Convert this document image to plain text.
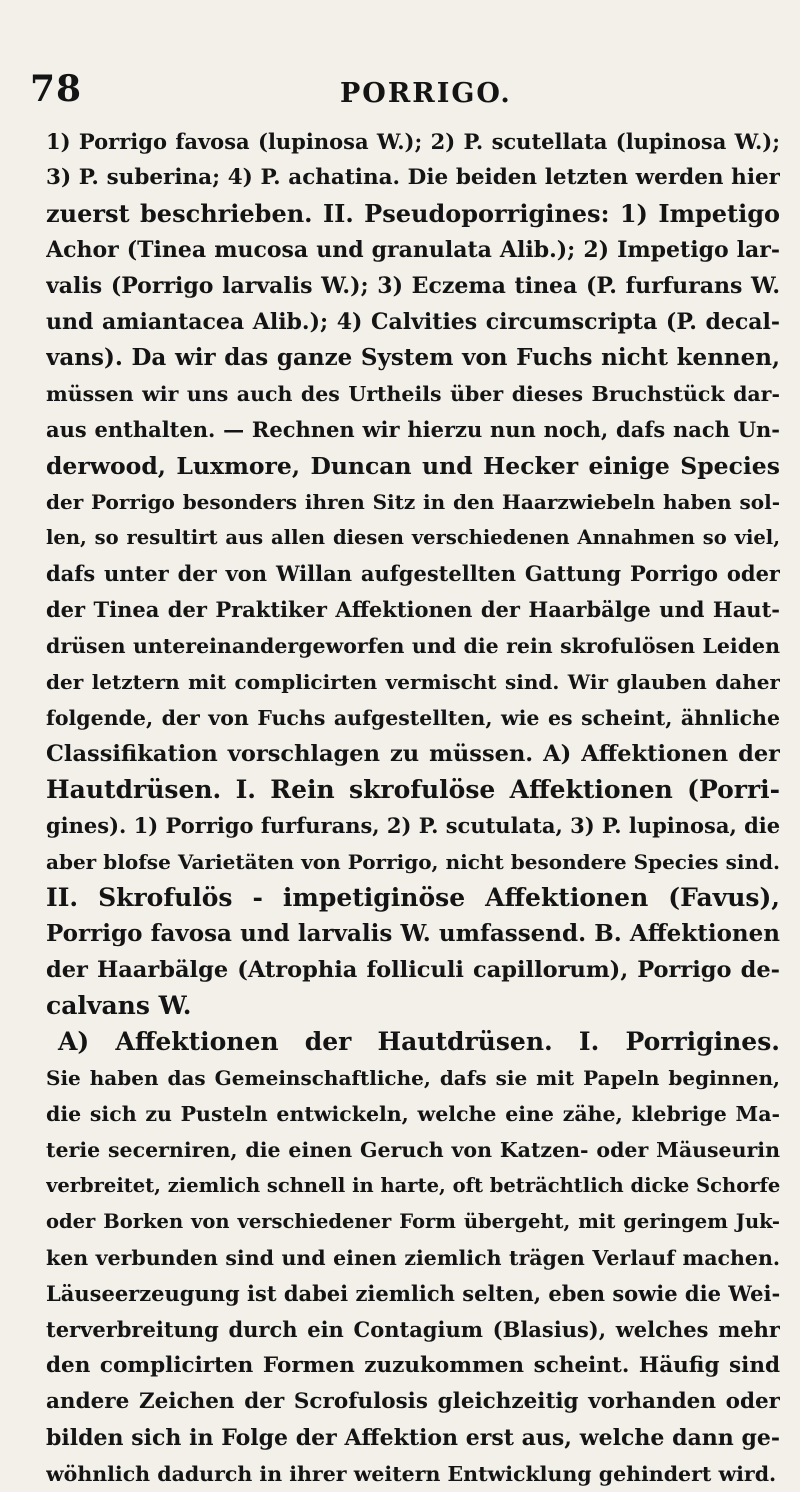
78	PORRIGO.
1) Porrigo favosa (lupinosa W.); 2) P. scutellata (lupinosa W.);
3) P. suberina; 4) P. achatina. Die beiden letzten werden hier
zuerst beschrieben. II. Pseudoporrigines: 1) Impetigo
Achor (Tinea mucosa und granulata Alib.); 2) Impetigo lar-
valis (Porrigo larvalis W.); 3) Eczema tinea (P. furfurans W.
und amiantacea Alib.); 4) Calvities circumscripta (P. decal-
vans). Da wir das ganze System von Fuchs nicht kennen,
müssen wir uns auch des Urtheils über dieses Bruchstück dar-
aus enthalten. — Rechnen wir hierzu nun noch, dafs nach Un-
derwood, Luxmore, Duncan und Hecker einige Species
der Porrigo besonders ihren Sitz in den Haarzwiebeln haben sol-
len, so resultirt aus allen diesen verschiedenen Annahmen so viel,
dafs unter der von Willan aufgestellten Gattung Porrigo oder
der Tinea der Praktiker Affektionen der Haarbälge und Haut-
drüsen untereinandergeworfen und die rein skrofulösen Leiden
der letztern mit complicirten vermischt sind. Wir glauben daher
folgende, der von Fuchs aufgestellten, wie es scheint, ähnliche
Classifikation vorschlagen zu müssen. A) Affektionen der
Hautdrüsen. I. Rein skrofulöse Affektionen (Porri-
gines). 1) Porrigo furfurans, 2) P. scutulata, 3) P. lupinosa, die
aber blofse Varietäten von Porrigo, nicht besondere Species sind.
II. Skrofulös - impetiginöse Affektionen (Favus),
Porrigo favosa und larvalis W. umfassend. B. Affektionen
der Haarbälge (Atrophia folliculi capillorum), Porrigo de-
calvans W.
A) Affektionen der Hautdrüsen. I. Porrigines.
Sie haben das Gemeinschaftliche, dafs sie mit Papeln beginnen,
die sich zu Pusteln entwickeln, welche eine zähe, klebrige Ma-
terie secerniren, die einen Geruch von Katzen- oder Mäuseurin
verbreitet, ziemlich schnell in harte, oft beträchtlich dicke Schorfe
oder Borken von verschiedener Form übergeht, mit geringem Juk-
ken verbunden sind und einen ziemlich trägen Verlauf machen.
Läuseerzeugung ist dabei ziemlich selten, eben sowie die Wei-
terverbreitung durch ein Contagium (Blasius), welches mehr
den complicirten Formen zuzukommen scheint. Häufig sind
andere Zeichen der Scrofulosis gleichzeitig vorhanden oder
bilden sich in Folge der Affektion erst aus, welche dann ge-
wöhnlich dadurch in ihrer weitern Entwicklung gehindert wird.
